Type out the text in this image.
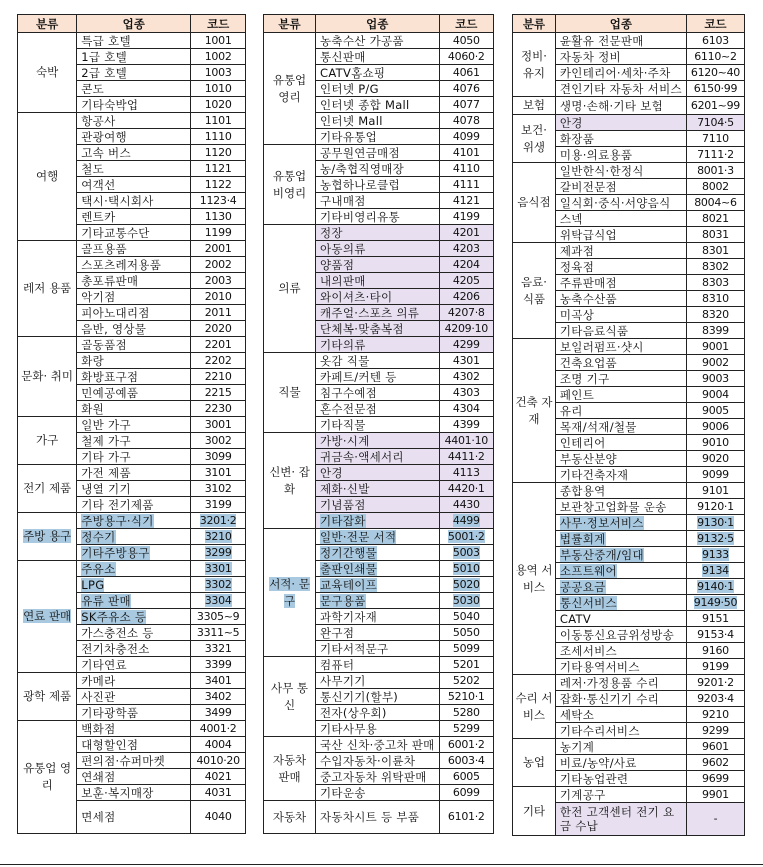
분류	업종	코드
숙박	특급 호텔	1001
	1급 호텔	1002
	2급 호텔	1003
	콘도	1010
	기타숙박업	1020
여행	항공사	1101
	관광여행	1110
	고속 버스	1120
	철도	1121
	여객선	1122
	택시·택시회사	1123·4
	렌트카	1130
	기타교통수단	1199
레저 용품	골프용품	2001
	스포츠레저용품	2002
	총포류판매	2003
	악기점	2010
	피아노대리점	2011
	음반, 영상물	2020
문화· 취미	골동품점	2201
	화랑	2202
	화방표구점	2210
	민예공예품	2215
	화원	2230
가구	일반 가구	3001
	철제 가구	3002
	기타 가구	3099
전기 제품	가전 제품	3101
	냉열 기기	3102
	기타 전기제품	3199
주방 용구	주방용구·식기	3201·2
	정수기	3210
	기타주방용구	3299
연료 판매	주유소	3301
	LPG	3302
	유류 판매	3304
	SK주유소 등	3305~9
	가스충전소 등	3311~5
	전기차충전소	3321
	기타연료	3399
광학 제품	카메라	3401
	사진관	3402
	기타광학품	3499
유통업 영리	백화점	4001·2
	대형할인점	4004
	편의점·슈퍼마켓	4010·20
	연쇄점	4021
	보훈·복지매장	4031
	면세점	4040
분류	업종	코드
유통업 영리	농축수산 가공품	4050
	통신판매	4060·2
	CATV홈쇼핑	4061
	인터넷 P/G	4076
	인터넷 종합 Mall	4077
	인터넷 Mall	4078
	기타유통업	4099
유통업 비영리	공무원연금매점	4101
	농/축협직영매장	4110
	농협하나로클럽	4111
	구내매점	4121
	기타비영리유통	4199
의류	정장	4201
	아동의류	4203
	양품점	4204
	내의판매	4205
	와이셔츠·타이	4206
	캐주얼·스포츠 의류	4207·8
	단체복·맞춤복점	4209·10
	기타의류	4299
직물	옷감 직물	4301
	카페트/커텐 등	4302
	침구수예점	4303
	혼수전문점	4304
	기타직물	4399
신변· 잡화	가방·시계	4401·10
	귀금속·액세서리	4411·2
	안경	4113
	제화·신발	4420·1
	기념품점	4430
	기타잡화	4499
서적· 문구	일반·전문 서적	5001·2
	정기간행물	5003
	출판인쇄물	5010
	교육테이프	5020
	문구용품	5030
	과학기자재	5040
	완구점	5050
	기타서적문구	5099
사무 통신	컴퓨터	5201
	사무기기	5202
	통신기기(할부)	5210·1
	전자(상우회)	5280
	기타사무용	5299
자동차 판매	국산 신차·중고차 판매	6001·2
	수입자동차·이륜차	6003·4
	중고자동차 위탁판매	6005
	기타운송	6099
자동차	자동차시트 등 부품	6101·2
분류	업종	코드
정비· 유지	윤활유 전문판매	6103
	자동차 정비	6110~2
	카인테리어·세차·주차	6120~40
	견인기타 자동차 서비스	6150·99
보험	생명·손해·기타 보험	6201~99
보건· 위생	안경	7104·5
	화장품	7110
	미용·의료용품	7111·2
음식점	일반한식·한정식	8001·3
	갈비전문점	8002
	일식회·중식·서양음식	8004~6
	스넥	8021
	위탁급식업	8031
음료· 식품	제과점	8301
	정육점	8302
	주류판매점	8303
	농축수산품	8310
	미곡상	8320
	기타음료식품	8399
건축 자재	보일러펌프·샷시	9001
	건축요업품	9002
	조명 기구	9003
	페인트	9004
	유리	9005
	목재/석재/철물	9006
	인테리어	9010
	부동산분양	9020
	기타건축자재	9099
용역 서비스	종합용역	9101
	보관창고업화물 운송	9120·1
	사무·정보서비스	9130·1
	법률회계	9132·5
	부동산중개/임대	9133
	소프트웨어	9134
	공공요금	9140·1
	통신서비스	9149·50
	CATV	9151
	이동통신요금위성방송	9153·4
	조세서비스	9160
	기타용역서비스	9199
수리 서비스	레저·가정용품 수리	9201·2
	잡화·통신기기 수리	9203·4
	세탁소	9210
	기타수리서비스	9299
농업	농기계	9601
	비료/농약/사료	9602
	기타농업관련	9699
기타	기계공구	9901
	한전 고객센터 전기 요금 수납	-
